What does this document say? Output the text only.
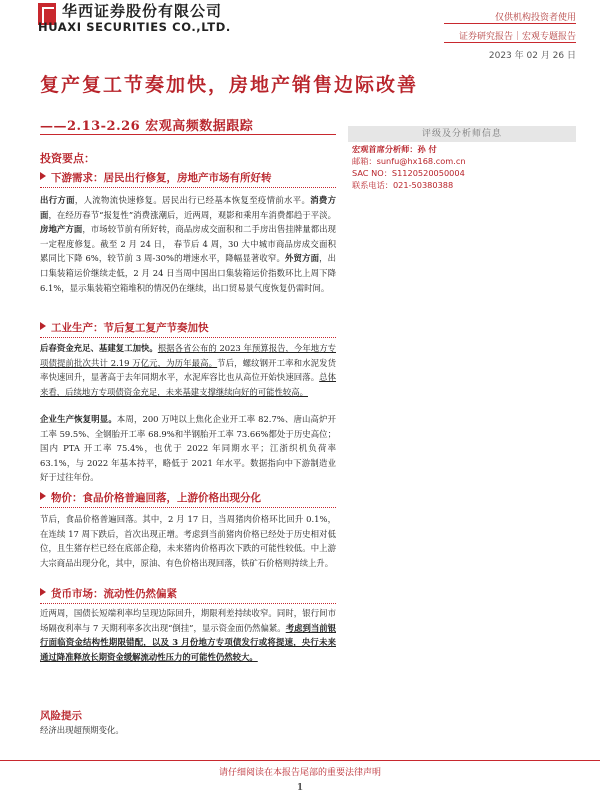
华西证券股份有限公司
HUAXI SECURITIES CO.,LTD.
仅供机构投资者使用
证券研究报告｜宏观专题报告
2023 年 02 月 26 日
复产复工节奏加快，房地产销售边际改善
——2.13-2.26 宏观高频数据跟踪	评级及分析师信息
宏观首席分析师：孙 付
邮箱：sunfu@hx168.com.cn
SAC NO：S1120520050004
联系电话：021-50380388
投资要点：
下游需求：居民出行修复，房地产市场有所好转
出行方面，人流物流快速修复。居民出行已经基本恢复至疫情前水平。消费方面，在经历春节“报复性”消费涨潮后，近两周，观影和乘用车消费都趋于平淡。房地产方面，市场较节前有所好转，商品房成交面积和二手房出售挂牌量都出现一定程度修复。截至 2 月 24 日， 春节后 4 周，30 大中城市商品房成交面积累同比下降 6%，较节前 3 周-30%的增速水平，降幅显著收窄。外贸方面，出口集装箱运价继续走低，2 月 24 日当周中国出口集装箱运价指数环比上周下降 6.1%，显示集装箱空箱堆积的情况仍在继续，出口贸易景气度恢复仍需时间。
工业生产：节后复工复产节奏加快
后春资金充足、基建复工加快。根据各省公布的 2023 年预算报告，今年地方专项债提前批次共计 2.19 万亿元，为历年最高。节后，螺纹钢开工率和水泥发货率快速回升，显著高于去年同期水平，水泥库容比也从高位开始快速回落。总体来看，后续地方专项债资金充足，未来基建支撑继续向好的可能性较高。
企业生产恢复明显。本周，200 万吨以上焦化企业开工率 82.7%、唐山高炉开工率 59.5%、全钢胎开工率 68.9%和半钢胎开工率 73.66%都处于历史高位；国内 PTA 开工率 75.4%，也优于 2022 年同期水平；江浙织机负荷率 63.1%，与 2022 年基本持平，略低于 2021 年水平。数据指向中下游制造业好于过往年份。
物价：食品价格普遍回落，上游价格出现分化
节后，食品价格普遍回落。其中，2 月 17 日，当周猪肉价格环比回升 0.1%，在连续 17 周下跌后，首次出现正增。考虑到当前猪肉价格已经处于历史相对低位，且生猪存栏已经在底部企稳，未来猪肉价格再次下跌的可能性较低。中上游大宗商品出现分化，其中，原油、有色价格出现回落，铁矿石价格则持续上升。
货币市场：流动性仍然偏紧
近两周，国债长短端利率均呈现边际回升，期限利差持续收窄。同时，银行间市场隔夜利率与 7 天期利率多次出现“倒挂”，显示资金面仍然偏紧。考虑到当前银行面临资金结构性期限错配，以及 3 月份地方专项债发行或将提速，央行未来通过降准释放长期资金缓解流动性压力的可能性仍然较大。
风险提示
经济出现超预期变化。
请仔细阅读在本报告尾部的重要法律声明
1
